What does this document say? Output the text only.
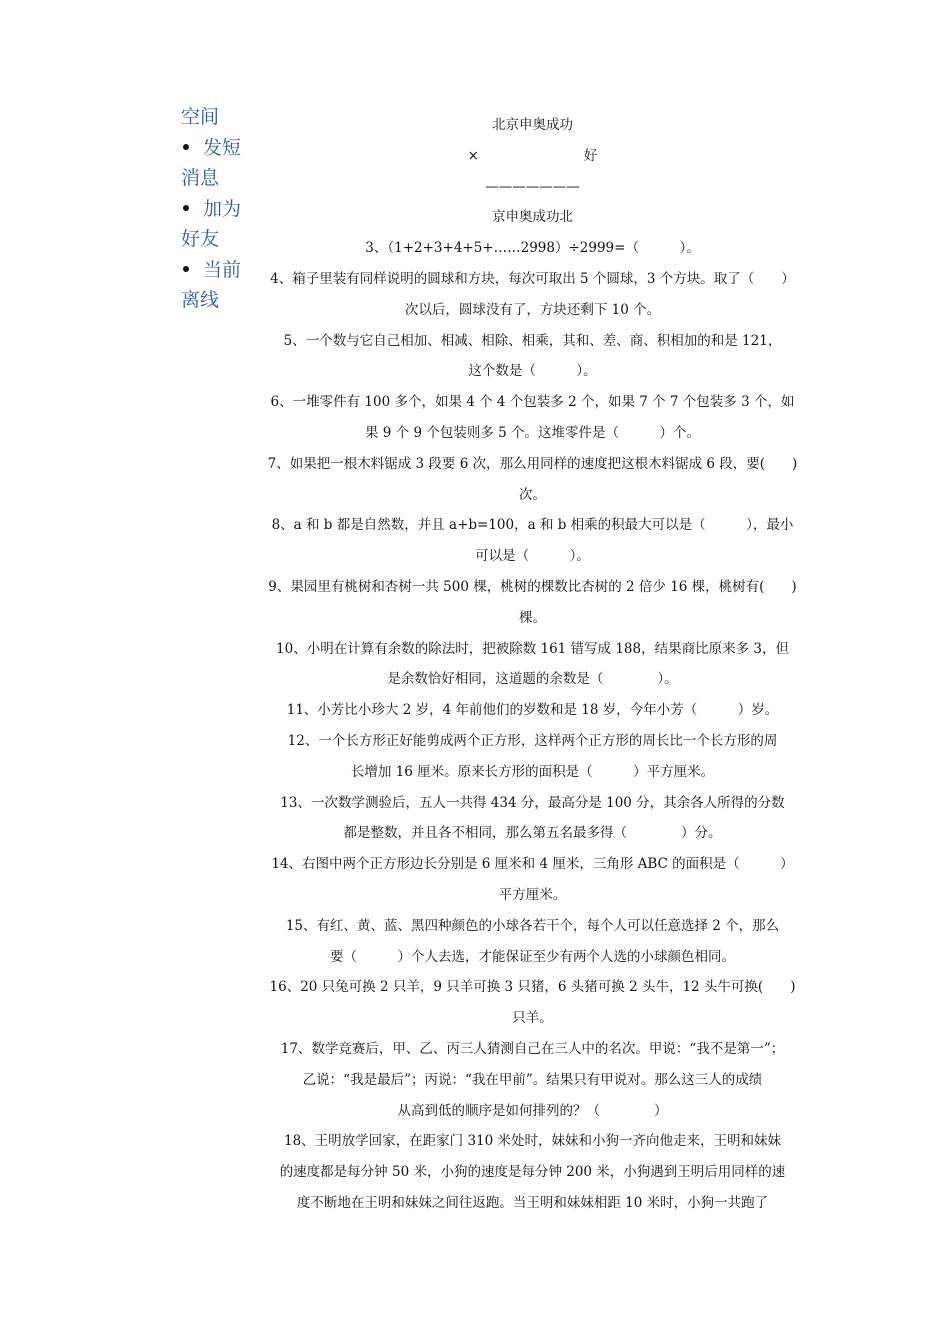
空间
发短
消息
加为
好友
当前
离线
北京申奥成功
×	好
———————
京申奥成功北
3、（1+2+3+4+5+……2998）÷2999=（　　　）。
4、箱子里装有同样说明的圆球和方块，每次可取出 5 个圆球，3 个方块。取了（　　）
次以后，圆球没有了，方块还剩下 10 个。
5、一个数与它自己相加、相减、相除、相乘，其和、差、商、积相加的和是 121，
这个数是（　　　）。
6、一堆零件有 100 多个，如果 4 个 4 个包装多 2 个，如果 7 个 7 个包装多 3 个，如
果 9 个 9 个包装则多 5 个。这堆零件是（　　　）个。
7、如果把一根木料锯成 3 段要 6 次，那么用同样的速度把这根木料锯成 6 段，要(　　)
次。
8、a 和 b 都是自然数，并且 a+b=100，a 和 b 相乘的积最大可以是（　　　），最小
可以是（　　　）。
9、果园里有桃树和杏树一共 500 棵，桃树的棵数比杏树的 2 倍少 16 棵，桃树有(　　)
棵。
10、小明在计算有余数的除法时，把被除数 161 错写成 188，结果商比原来多 3，但
是余数恰好相同，这道题的余数是（　　　　）。
11、小芳比小珍大 2 岁，4 年前他们的岁数和是 18 岁，今年小芳（　　　）岁。
12、一个长方形正好能剪成两个正方形，这样两个正方形的周长比一个长方形的周
长增加 16 厘米。原来长方形的面积是（　　　）平方厘米。
13、一次数学测验后，五人一共得 434 分，最高分是 100 分，其余各人所得的分数
都是整数，并且各不相同，那么第五名最多得（　　　　）分。
14、右图中两个正方形边长分别是 6 厘米和 4 厘米，三角形 ABC 的面积是（　　　）
平方厘米。
15、有红、黄、蓝、黑四种颜色的小球各若干个，每个人可以任意选择 2 个，那么
要（　　　）个人去选，才能保证至少有两个人选的小球颜色相同。
16、20 只兔可换 2 只羊，9 只羊可换 3 只猪，6 头猪可换 2 头牛，12 头牛可换(　　)
只羊。
17、数学竞赛后，甲、乙、丙三人猜测自己在三人中的名次。甲说：“我不是第一”；
乙说：“我是最后”；丙说：“我在甲前”。结果只有甲说对。那么这三人的成绩
从高到低的顺序是如何排列的？（　　　　）
18、王明放学回家，在距家门 310 米处时，妹妹和小狗一齐向他走来，王明和妹妹
的速度都是每分钟 50 米，小狗的速度是每分钟 200 米，小狗遇到王明后用同样的速
度不断地在王明和妹妹之间往返跑。当王明和妹妹相距 10 米时，小狗一共跑了
